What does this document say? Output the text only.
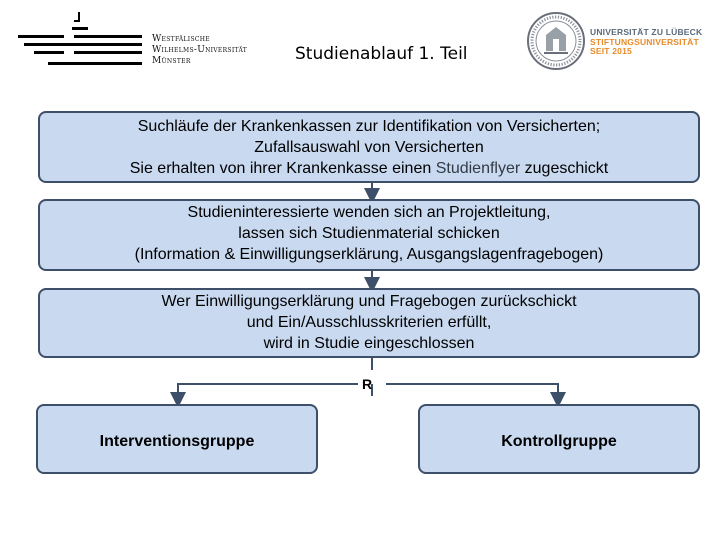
Westfälische
Wilhelms-Universität
Münster	Studienablauf 1. Teil
UNIVERSITÄT ZU LÜBECK
STIFTUNGSUNIVERSITÄT
SEIT 2015
Suchläufe der Krankenkassen zur Identifikation von Versicherten;
Zufallsauswahl von Versicherten
Sie erhalten von ihrer Krankenkasse einen Studienflyer zugeschickt
Studieninteressierte wenden sich an Projektleitung,
lassen sich Studienmaterial schicken
(Information & Einwilligungserklärung, Ausgangslagenfragebogen)
Wer Einwilligungserklärung und Fragebogen zurückschickt
und Ein/Ausschlusskriterien erfüllt,
wird in Studie eingeschlossen
R
Interventionsgruppe	Kontrollgruppe
